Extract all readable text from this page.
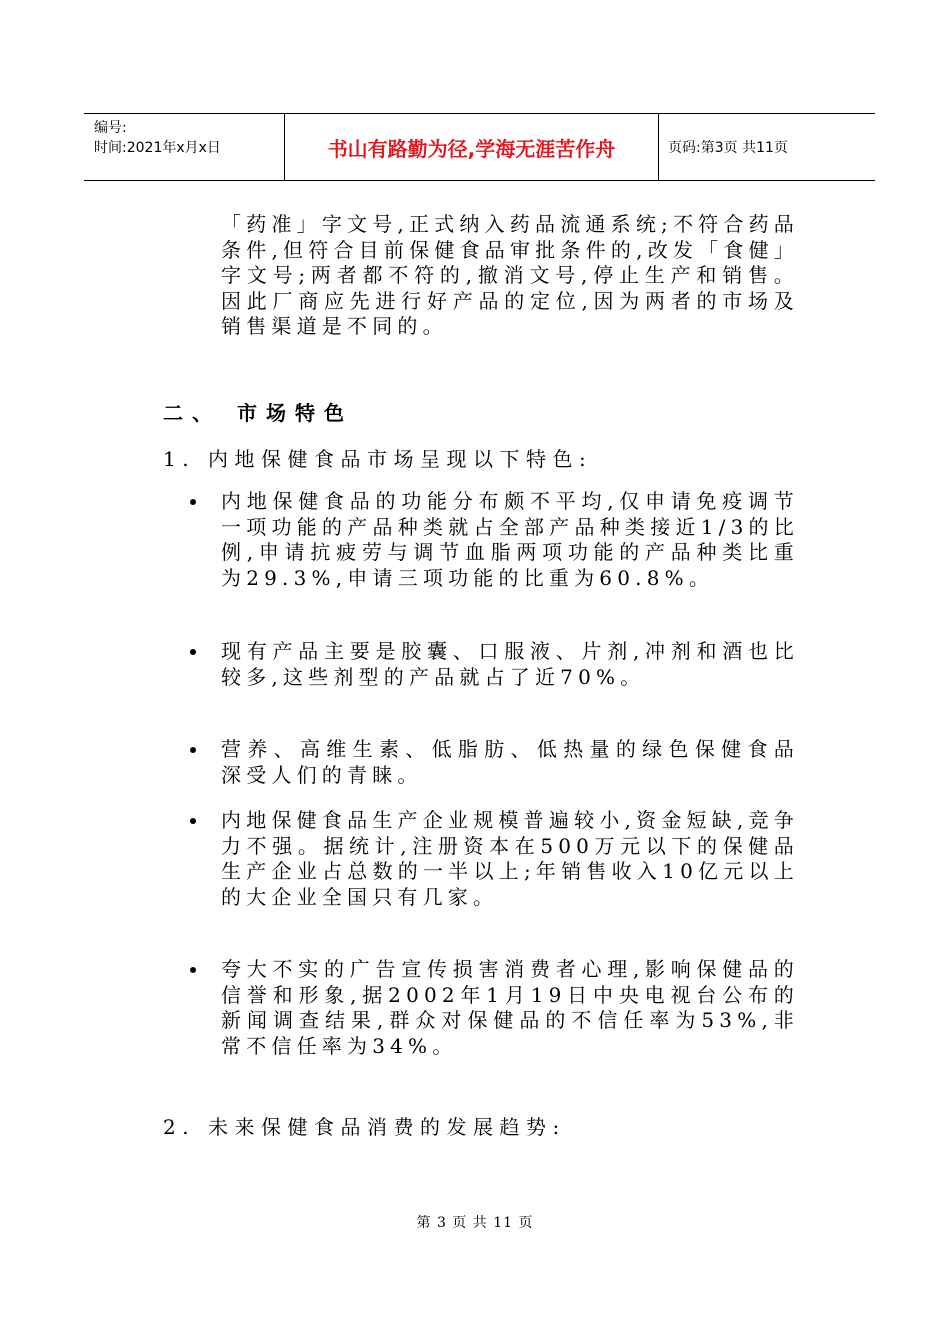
编号:
时间:2021年x月x日	书山有路勤为径,学海无涯苦作舟	页码:第3页 共11页
「药准」字文号,正式纳入药品流通系统;不符合药品条件,但符合目前保健食品审批条件的,改发「食健」字文号;两者都不符的,撤消文号,停止生产和销售。因此厂商应先进行好产品的定位,因为两者的市场及销售渠道是不同的。
二、 市场特色
1. 内地保健食品市场呈现以下特色:
内地保健食品的功能分布颇不平均,仅申请免疫调节一项功能的产品种类就占全部产品种类接近1/3的比例,申请抗疲劳与调节血脂两项功能的产品种类比重为29.3%,申请三项功能的比重为60.8%。
现有产品主要是胶囊、口服液、片剂,冲剂和酒也比较多,这些剂型的产品就占了近70%。
营养、高维生素、低脂肪、低热量的绿色保健食品深受人们的青睐。
内地保健食品生产企业规模普遍较小,资金短缺,竞争力不强。据统计,注册资本在500万元以下的保健品生产企业占总数的一半以上;年销售收入10亿元以上的大企业全国只有几家。
夸大不实的广告宣传损害消费者心理,影响保健品的信誉和形象,据2002年1月19日中央电视台公布的新闻调查结果,群众对保健品的不信任率为53%,非常不信任率为34%。
2. 未来保健食品消费的发展趋势:
第 3 页 共 11 页
